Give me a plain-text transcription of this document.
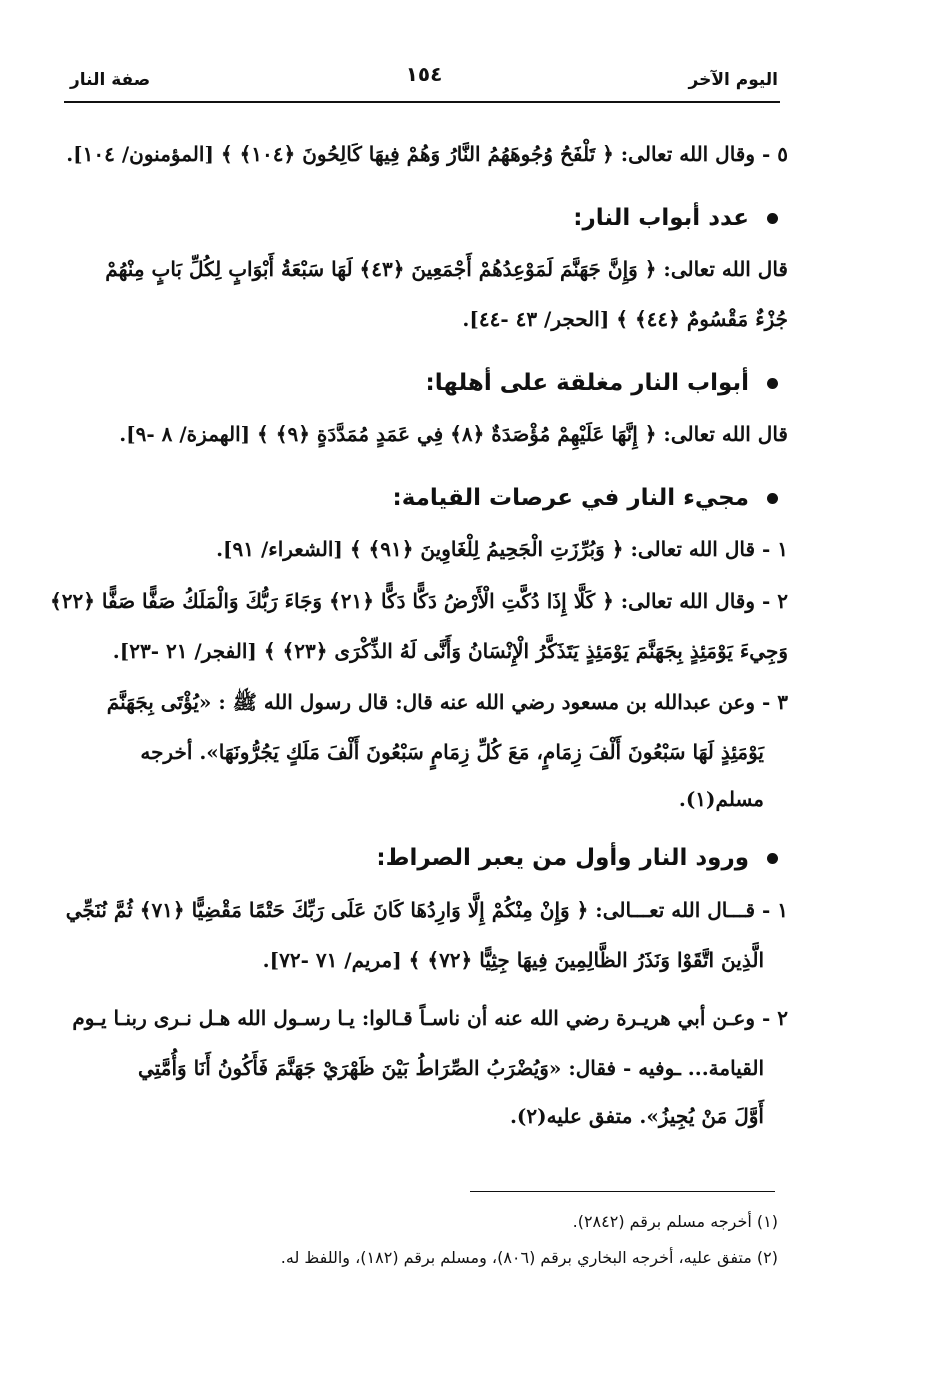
اليوم الآخر
١٥٤
صفة النار
٥ - وقال الله تعالى: ﴿ تَلْفَحُ وُجُوهَهُمُ النَّارُ وَهُمْ فِيهَا كَالِحُونَ ﴿١٠٤﴾ ﴾ [المؤمنون/ ١٠٤].
قال الله تعالى: ﴿ وَإِنَّ جَهَنَّمَ لَمَوْعِدُهُمْ أَجْمَعِينَ ﴿٤٣﴾ لَهَا سَبْعَةُ أَبْوَابٍ لِكُلِّ بَابٍ مِنْهُمْ
جُزْءٌ مَقْسُومٌ ﴿٤٤﴾ ﴾ [الحجر/ ٤٣ -٤٤].
قال الله تعالى: ﴿ إِنَّهَا عَلَيْهِمْ مُؤْصَدَةٌ ﴿٨﴾ فِي عَمَدٍ مُمَدَّدَةٍ ﴿٩﴾ ﴾ [الهمزة/ ٨ -٩].
١ - قال الله تعالى: ﴿ وَبُرِّزَتِ الْجَحِيمُ لِلْغَاوِينَ ﴿٩١﴾ ﴾ [الشعراء/ ٩١].
٢ - وقال الله تعالى: ﴿ كَلَّا إِذَا دُكَّتِ الْأَرْضُ دَكًّا دَكًّا ﴿٢١﴾ وَجَاءَ رَبُّكَ وَالْمَلَكُ صَفًّا صَفًّا ﴿٢٢﴾
وَجِيءَ يَوْمَئِذٍ بِجَهَنَّمَ يَوْمَئِذٍ يَتَذَكَّرُ الْإِنْسَانُ وَأَنَّى لَهُ الذِّكْرَى ﴿٢٣﴾ ﴾ [الفجر/ ٢١ -٢٣].
٣ - وعن عبدالله بن مسعود رضي الله عنه قال: قال رسول الله ﷺ : «يُؤْتَى بِجَهَنَّمَ
يَوْمَئِذٍ لَهَا سَبْعُونَ أَلْفَ زِمَامٍ، مَعَ كُلِّ زِمَامٍ سَبْعُونَ أَلْفَ مَلَكٍ يَجُرُّونَهَا». أخرجه
مسلم(١).
١ - قـــال الله تعـــالى: ﴿ وَإِنْ مِنْكُمْ إِلَّا وَارِدُهَا كَانَ عَلَى رَبِّكَ حَتْمًا مَقْضِيًّا ﴿٧١﴾ ثُمَّ نُنَجِّي
الَّذِينَ اتَّقَوْا وَنَذَرُ الظَّالِمِينَ فِيهَا جِثِيًّا ﴿٧٢﴾ ﴾ [مريم/ ٧١ -٧٢].
٢ - وعـن أبي هريـرة رضي الله عنه أن ناسـاً قـالوا: يـا رسـول الله هـل نـرى ربنـا يـوم
القيامة... ـوفيه - فقال: «وَيُضْرَبُ الصِّرَاطُ بَيْنَ ظَهْرَيْ جَهَنَّمَ فَأَكُونُ أَنَا وَأُمَّتِي
أَوَّلَ مَنْ يُجِيزُ». متفق عليه(٢).
عدد أبواب النار:
أبواب النار مغلقة على أهلها:
مجيء النار في عرصات القيامة:
ورود النار وأول من يعبر الصراط:
(١) أخرجه مسلم برقم (٢٨٤٢).
(٢) متفق عليه، أخرجه البخاري برقم (٨٠٦)، ومسلم برقم (١٨٢)، واللفظ له.
